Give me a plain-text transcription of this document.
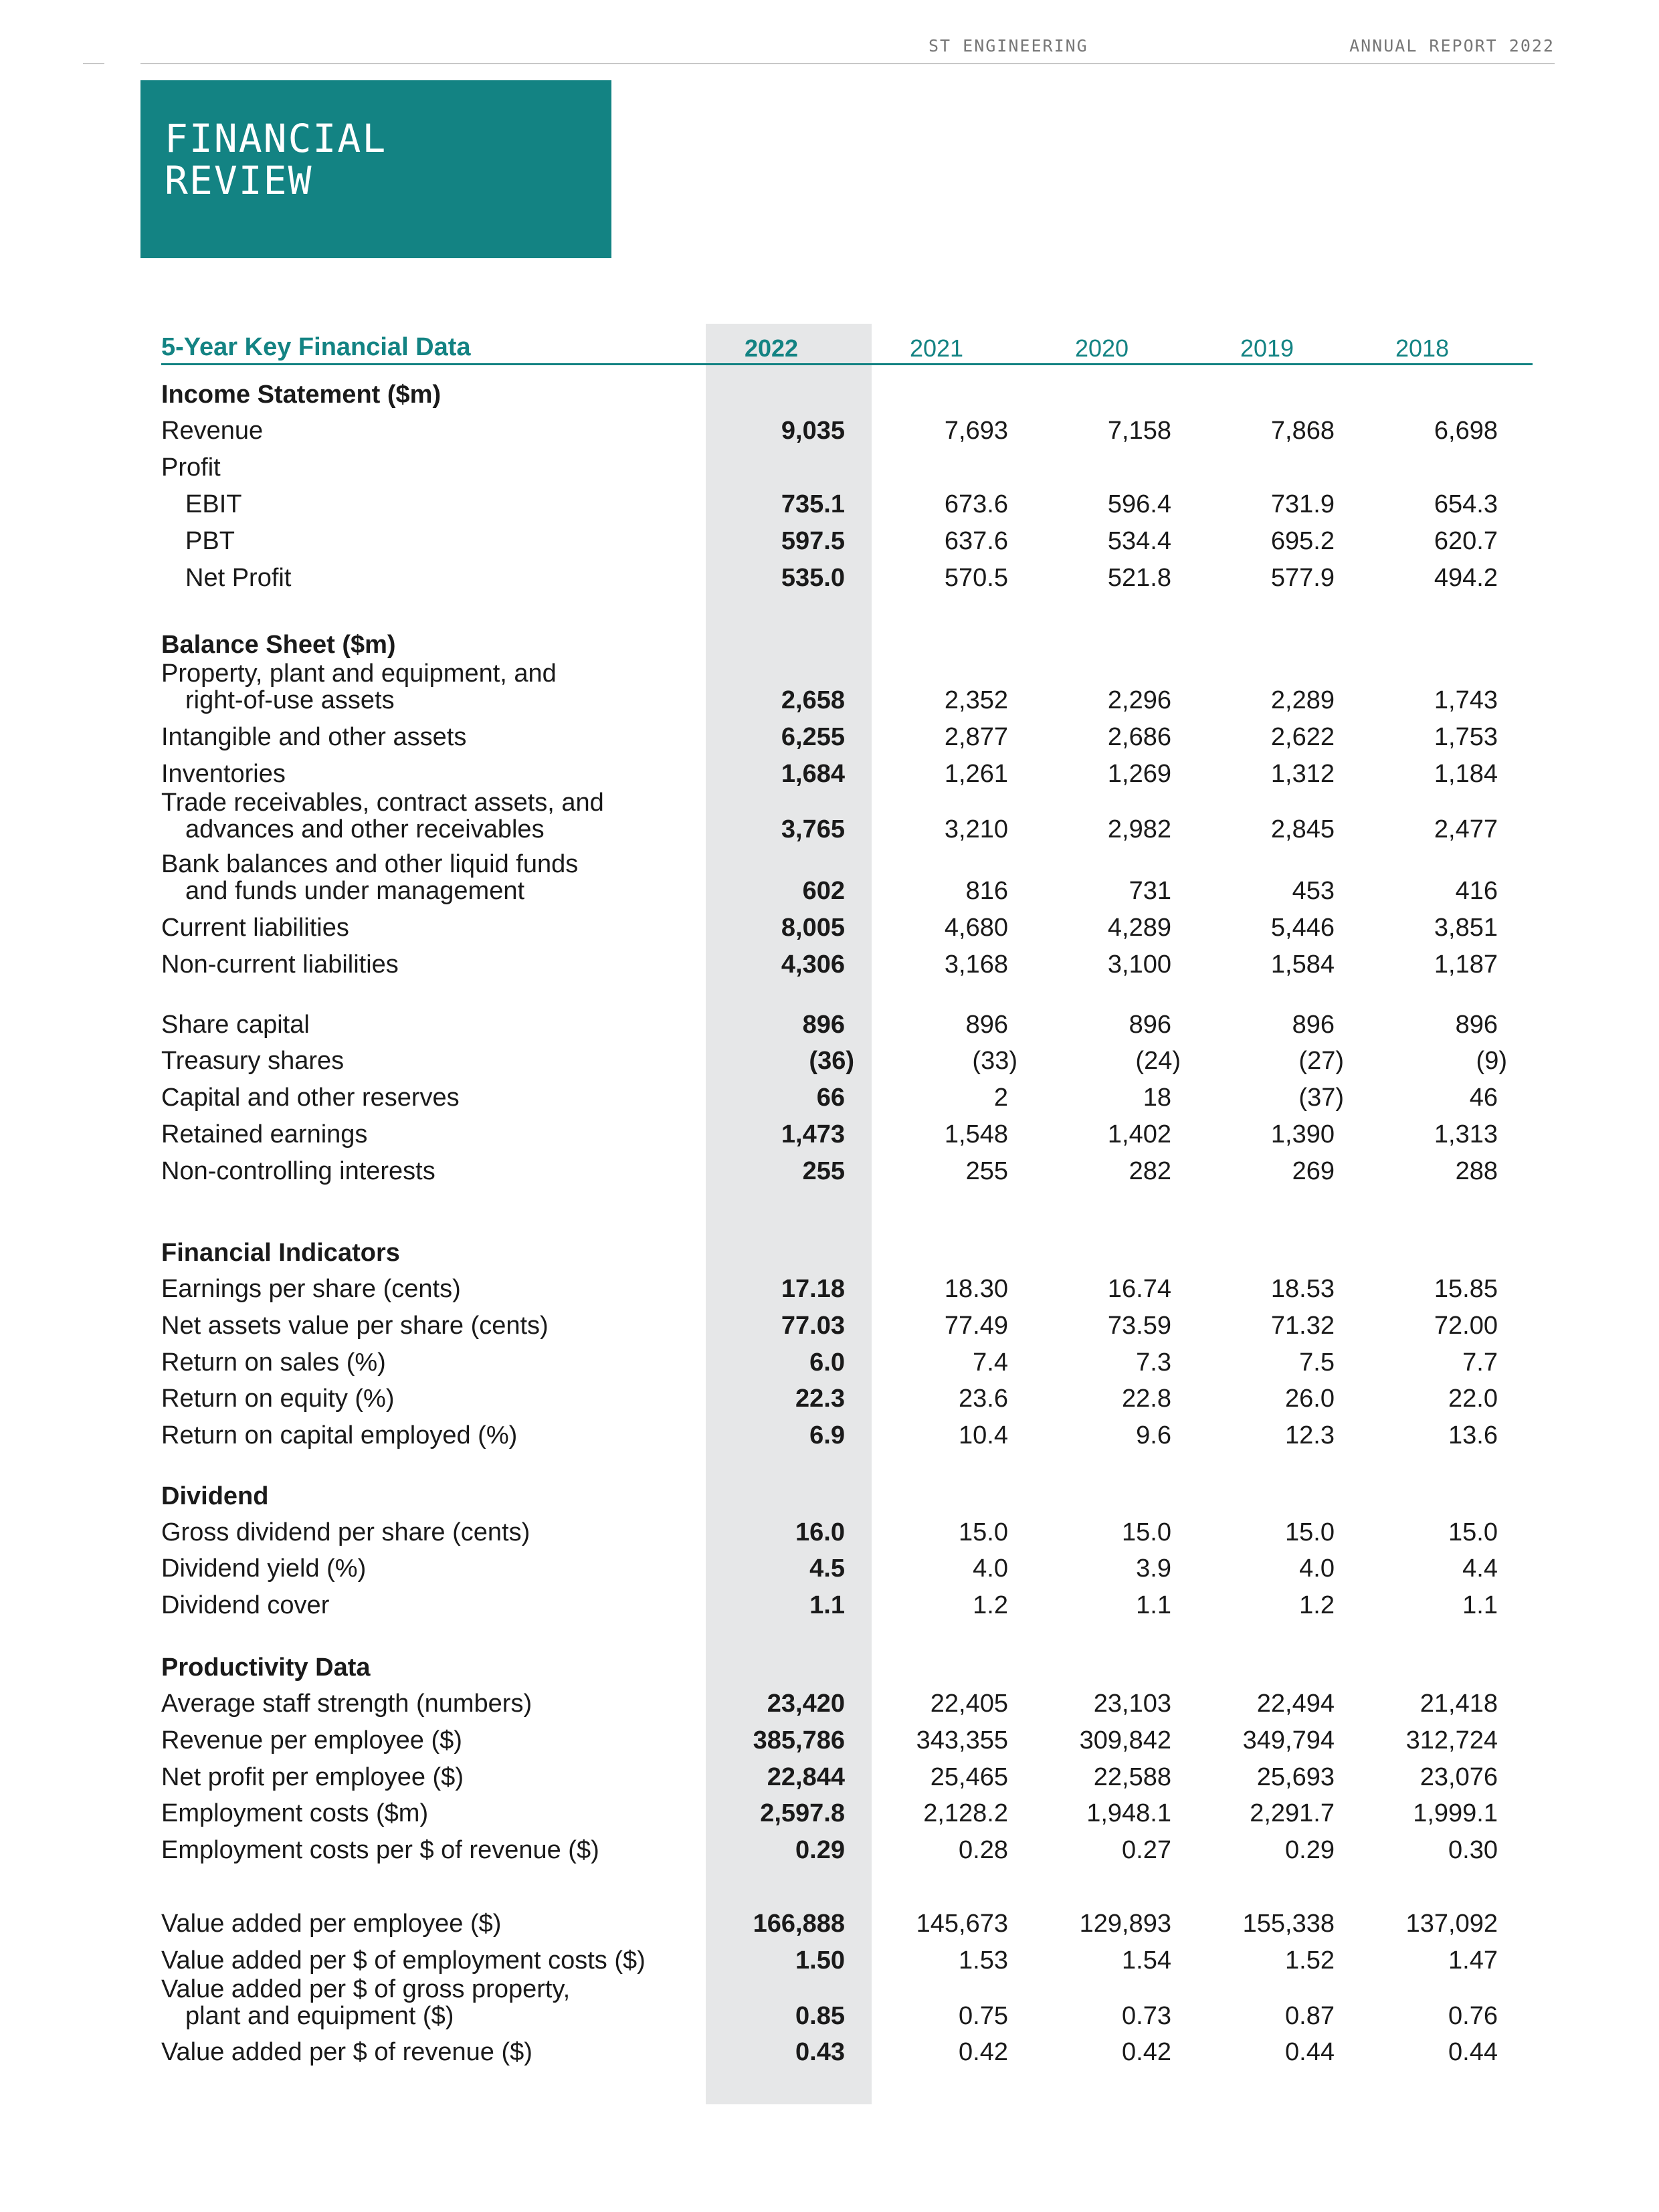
ST ENGINEERING	ANNUAL REPORT 2022
FINANCIAL
REVIEW
5-Year Key Financial Data	2022	2021	2020	2019	2018
Income Statement ($m)
Revenue	9,035	7,693	7,158	7,868	6,698
Profit
EBIT	735.1	673.6	596.4	731.9	654.3
PBT	597.5	637.6	534.4	695.2	620.7
Net Profit	535.0	570.5	521.8	577.9	494.2
Balance Sheet ($m)
Property, plant and equipment, and
right-of-use assets	2,658	2,352	2,296	2,289	1,743
Intangible and other assets	6,255	2,877	2,686	2,622	1,753
Inventories	1,684	1,261	1,269	1,312	1,184
Trade receivables, contract assets, and
advances and other receivables	3,765	3,210	2,982	2,845	2,477
Bank balances and other liquid funds
and funds under management	602	816	731	453	416
Current liabilities	8,005	4,680	4,289	5,446	3,851
Non-current liabilities	4,306	3,168	3,100	1,584	1,187
Share capital	896	896	896	896	896
Treasury shares	(36)	(33)	(24)	(27)	(9)
Capital and other reserves	66	2	18	(37)	46
Retained earnings	1,473	1,548	1,402	1,390	1,313
Non-controlling interests	255	255	282	269	288
Financial Indicators
Earnings per share (cents)	17.18	18.30	16.74	18.53	15.85
Net assets value per share (cents)	77.03	77.49	73.59	71.32	72.00
Return on sales (%)	6.0	7.4	7.3	7.5	7.7
Return on equity (%)	22.3	23.6	22.8	26.0	22.0
Return on capital employed (%)	6.9	10.4	9.6	12.3	13.6
Dividend
Gross dividend per share (cents)	16.0	15.0	15.0	15.0	15.0
Dividend yield (%)	4.5	4.0	3.9	4.0	4.4
Dividend cover	1.1	1.2	1.1	1.2	1.1
Productivity Data
Average staff strength (numbers)	23,420	22,405	23,103	22,494	21,418
Revenue per employee ($)	385,786	343,355	309,842	349,794	312,724
Net profit per employee ($)	22,844	25,465	22,588	25,693	23,076
Employment costs ($m)	2,597.8	2,128.2	1,948.1	2,291.7	1,999.1
Employment costs per $ of revenue ($)	0.29	0.28	0.27	0.29	0.30
Value added per employee ($)	166,888	145,673	129,893	155,338	137,092
Value added per $ of employment costs ($)	1.50	1.53	1.54	1.52	1.47
Value added per $ of gross property,
plant and equipment ($)	0.85	0.75	0.73	0.87	0.76
Value added per $ of revenue ($)	0.43	0.42	0.42	0.44	0.44
